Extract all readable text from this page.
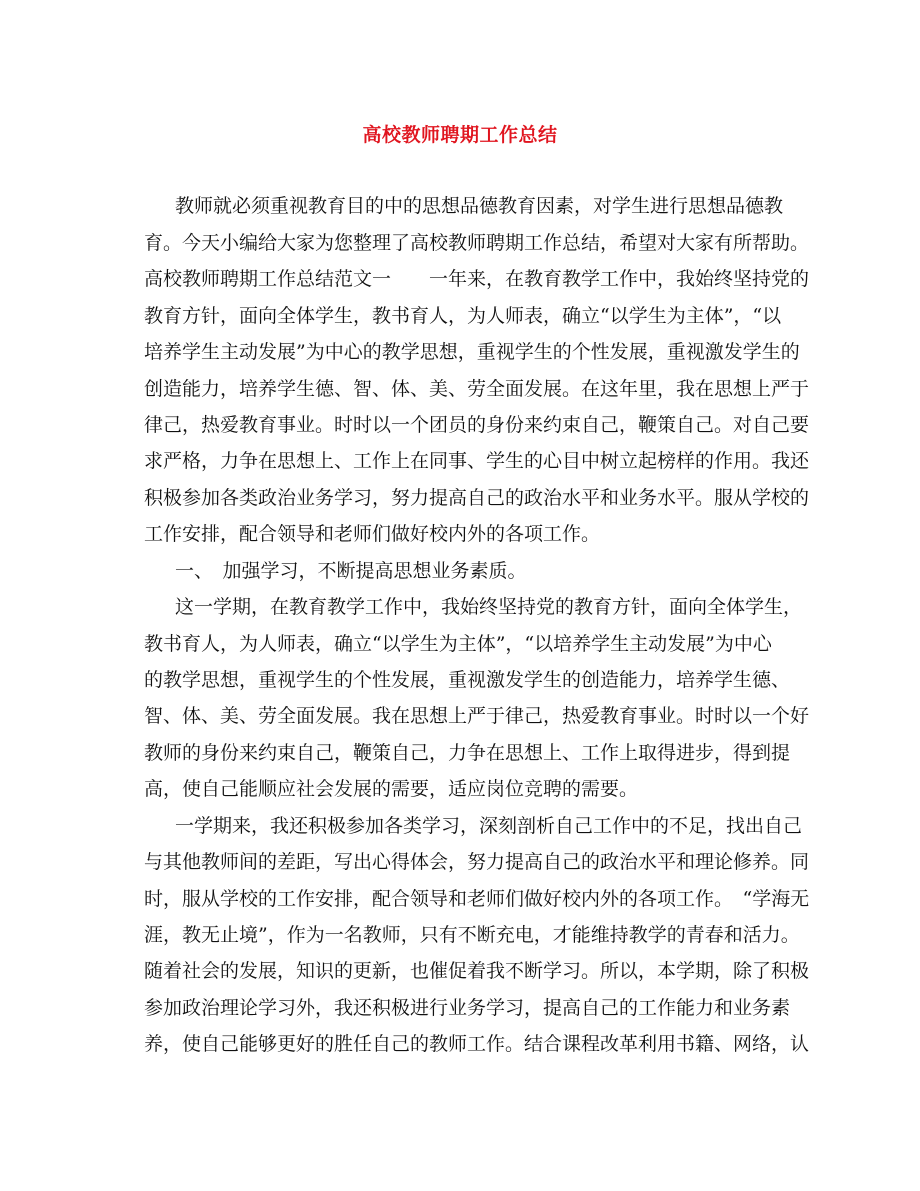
高校教师聘期工作总结
教师就必须重视教育目的中的思想品德教育因素，对学生进行思想品德教
育。今天小编给大家为您整理了高校教师聘期工作总结，希望对大家有所帮助。
高校教师聘期工作总结范文一　　一年来，在教育教学工作中，我始终坚持党的
教育方针，面向全体学生，教书育人，为人师表，确立“以学生为主体”，“以
培养学生主动发展”为中心的教学思想，重视学生的个性发展，重视激发学生的
创造能力，培养学生德、智、体、美、劳全面发展。在这年里，我在思想上严于
律己，热爱教育事业。时时以一个团员的身份来约束自己，鞭策自己。对自己要
求严格，力争在思想上、工作上在同事、学生的心目中树立起榜样的作用。我还
积极参加各类政治业务学习，努力提高自己的政治水平和业务水平。服从学校的
工作安排，配合领导和老师们做好校内外的各项工作。
一、　加强学习，不断提高思想业务素质。
这一学期，在教育教学工作中，我始终坚持党的教育方针，面向全体学生，
教书育人，为人师表，确立“以学生为主体”，“以培养学生主动发展”为中心
的教学思想，重视学生的个性发展，重视激发学生的创造能力，培养学生德、
智、体、美、劳全面发展。我在思想上严于律己，热爱教育事业。时时以一个好
教师的身份来约束自己，鞭策自己，力争在思想上、工作上取得进步，得到提
高，使自己能顺应社会发展的需要，适应岗位竞聘的需要。
一学期来，我还积极参加各类学习，深刻剖析自己工作中的不足，找出自己
与其他教师间的差距，写出心得体会，努力提高自己的政治水平和理论修养。同
时，服从学校的工作安排，配合领导和老师们做好校内外的各项工作。　“学海无
涯，教无止境”，作为一名教师，只有不断充电，才能维持教学的青春和活力。
随着社会的发展，知识的更新，也催促着我不断学习。所以，本学期，除了积极
参加政治理论学习外，我还积极进行业务学习，提高自己的工作能力和业务素
养，使自己能够更好的胜任自己的教师工作。结合课程改革利用书籍、网络，认
